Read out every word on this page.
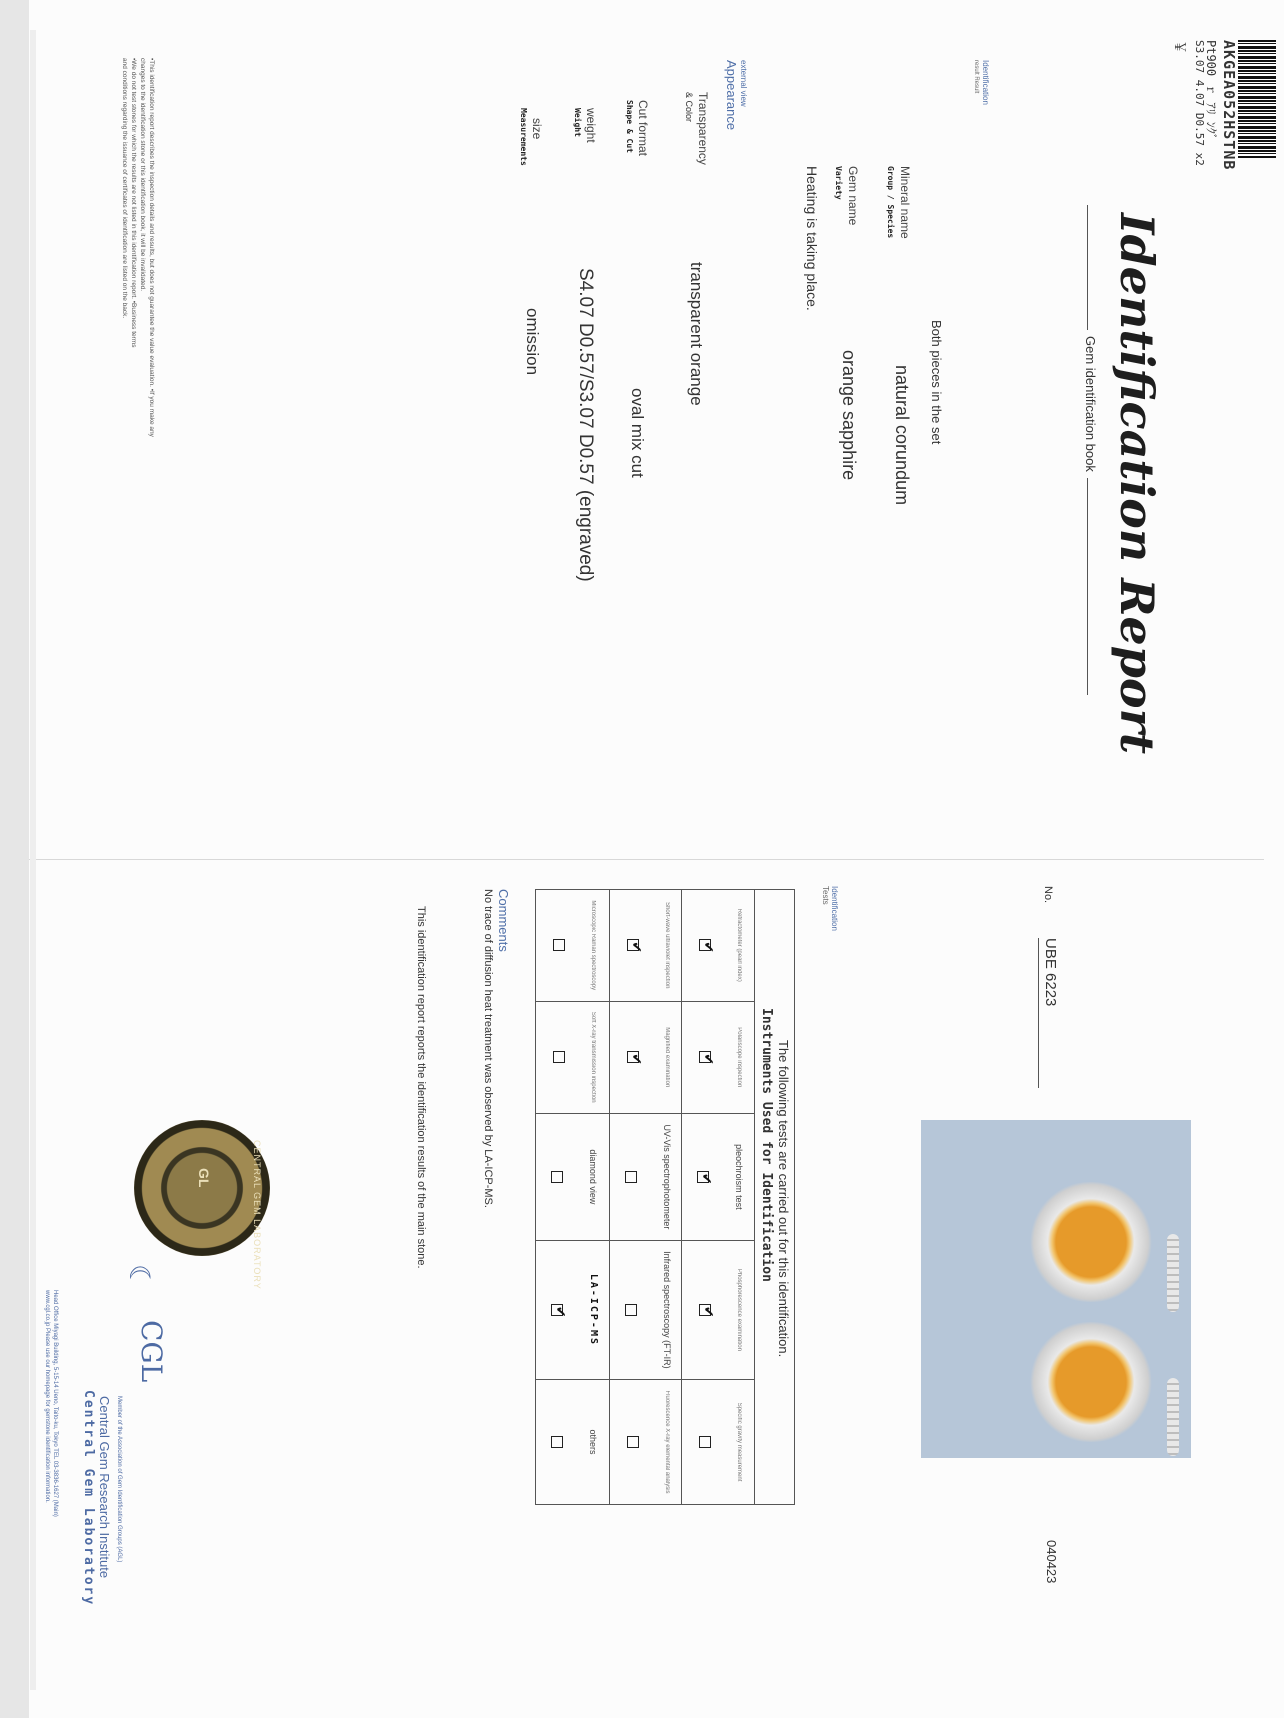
AKGEA052HSTNB
Pt900 ｒ ｱﾘ ﾝｸﾞ
S3.07 4.07 D0.57 x2
￥
Identification Report
Gem identification book
Identification
result Result
Both pieces in the set
Mineral name
Group / Species
natural corundum
Gem name
Variety
orange sapphire
Heating is taking place.
external view
Appearance
Transparency
& Color
transparent orange
Cut format
Shape & Cut
oval mix cut
weight
Weight
S4.07 D0.57/S3.07 D0.57 (engraved)
size
Measurements
omission
•This identification report describes the inspection details and results, but does not guarantee the value evaluation. •If you make any
changes to the identification stone or this identification book, it will be invalidated.
•We do not test stones for which the results are not listed in this identification report. •Business terms
and conditions regarding the issuance of certificates of identification are listed on the back.
No.
UBE 6223
Identification
Tests
The following tests are carried out for this identification.
Instruments Used for Identification
Refractometer (pearl index)

✔	
Polariscope inspection

✔	
pleochroism test

✔	
Phosphorescence examination

✔	
Specific gravity measurement

Short-wave ultraviolet inspection

✔	
Magnified examination

✔	
UV-Vis spectrophotometer

Infrared spectroscopy (FT-IR)

Fluorescence X-ray elemental analysis

Microscopic Raman spectroscopy

Soft X-ray transmission inspection

diamond view

LA-ICP-MS

✔	
others

Comments
No trace of diffusion heat treatment was observed by LA-ICP-MS.
This identification report reports the identification results of the main stone.
CENTRAL GEM LABORATORY
GL
☾
CGL
Member of the Association of Gem Identification Groups (AGL)
Central Gem Research Institute
Central Gem Laboratory
Head Office Miyagi Building, 5-15-14 Ueno, Taito-ku, Tokyo TEL 03-3836-1627 (Main)
www.cgl.co.jp Please use our homepage for gemstone identification information.
040423
